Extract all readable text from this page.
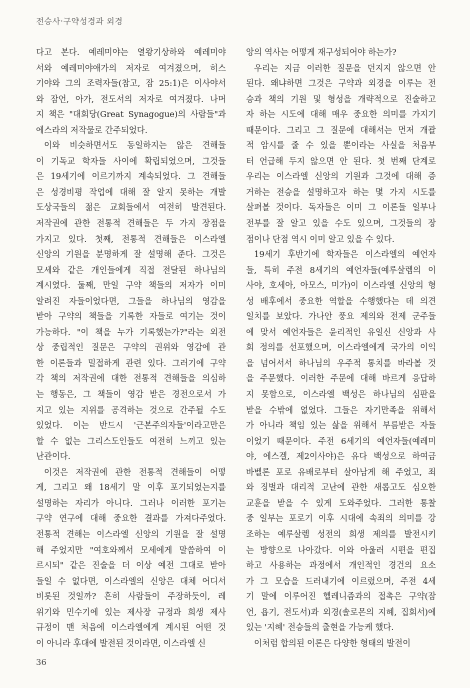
전승사·구약성경과 외경
다고 본다. 예레미야는 열왕기상하와 예레미야
서와 예레미야애가의 저자로 여겨졌으며, 히스
기야와 그의 조력자들(참고, 잠 25:1)은 이사야서
와 잠언, 아가, 전도서의 저자로 여겨졌다. 나머
지 책은 "대회당(Great Synagogue)의 사람들"과
에스라의 저작물로 간주되었다.
이와 비슷하면서도 동일하지는 않은 견해들
이 기독교 학자들 사이에 확립되었으며, 그것들
은 19세기에 이르기까지 계속되었다. 그 견해들
은 성경비평 작업에 대해 잘 알지 못하는 개발
도상국들의 젊은 교회들에서 여전히 발견된다.
저작권에 관한 전통적 견해들은 두 가지 장점을
가지고 있다. 첫째, 전통적 견해들은 이스라엘
신앙의 기원을 분명하게 잘 설명해 준다. 그것은
모세와 같은 개인들에게 직접 전달된 하나님의
계시였다. 둘째, 만일 구약 책들의 저자가 이미
알려진 자들이었다면, 그들을 하나님의 영감을
받아 구약의 책들을 기록한 자들로 여기는 것이
가능하다. "이 책을 누가 기록했는가?"라는 외전
상 중립적인 질문은 구약의 권위와 영감에 관
한 이론들과 밀접하게 관련 있다. 그러기에 구약
각 책의 저작권에 대한 전통적 견해들을 의심하
는 행동은, 그 책들이 영감 받은 경전으로서 가
지고 있는 지위를 공격하는 것으로 간주될 수도
있었다. 이는 반드시 '근본주의자들'이라고만은
할 수 없는 그리스도인들도 여전히 느끼고 있는
난관이다.
이것은 저작권에 관한 전통적 견해들이 어떻
게, 그리고 왜 18세기 말 이후 포기되었는지를
설명하는 자리가 아니다. 그러나 이러한 포기는
구약 연구에 대해 중요한 결과를 가져다주었다.
전통적 견해는 이스라엘 신앙의 기원을 잘 설명
해 주었지만 "여호와께서 모세에게 말씀하여 이
르시되" 같은 진술을 더 이상 예전 그대로 받아
들일 수 없다면, 이스라엘의 신앙은 대체 어디서
비롯된 것일까? 흔히 사람들이 주장하듯이, 레
위기와 민수기에 있는 제사장 규정과 희생 제사
규정이 맨 처음에 이스라엘에게 계시된 어떤 것
이 아니라 후대에 발전된 것이라면, 이스라엘 신
앙의 역사는 어떻게 재구성되어야 하는가?
우리는 지금 이러한 질문을 던지지 않으면 안
된다. 왜냐하면 그것은 구약과 외경을 이루는 전
승과 책의 기원 및 형성을 개략적으로 진술하고
자 하는 시도에 대해 매우 중요한 의미를 가지기
때문이다. 그리고 그 질문에 대해서는 먼저 개괄
적 암시를 줄 수 있을 뿐이라는 사실을 처음부
터 언급해 두지 않으면 안 된다. 첫 번째 단계로
우리는 이스라엘 신앙의 기원과 그것에 대해 증
거하는 전승을 설명하고자 하는 몇 가지 시도를
살펴볼 것이다. 독자들은 이미 그 이론들 일부나
전부를 잘 알고 있을 수도 있으며, 그것들의 장
점이나 단점 역시 이미 알고 있을 수 있다.
19세기 후반기에 학자들은 이스라엘의 예언자
들, 특히 주전 8세기의 예언자들(예루살렘의 이
사야, 호세아, 아모스, 미가)이 이스라엘 신앙의 형
성 배후에서 중요한 역할을 수행했다는 데 의견
일치를 보았다. 가나안 풍요 제의와 전제 군주들
에 맞서 예언자들은 윤리적인 유일신 신앙과 사
회 정의를 선포했으며, 이스라엘에게 국가의 이익
을 넘어서서 하나님의 우주적 통치를 바라볼 것
을 주문했다. 이러한 주문에 대해 바르게 응답하
지 못함으로, 이스라엘 백성은 하나님의 심판을
받을 수밖에 없었다. 그들은 자기만족을 위해서
가 아니라 책임 있는 삶을 위해서 부름받은 자들
이었기 때문이다. 주전 6세기의 예언자들(예레미
야, 에스겔, 제2이사야)은 유다 백성으로 하여금
바벨론 포로 유배로부터 살아남게 해 주었고, 죄
와 징벌과 대리적 고난에 관한 새롭고도 심오한
교훈을 받을 수 있게 도와주었다. 그러한 통찰
중 일부는 포로기 이후 시대에 속죄의 의미를 강
조하는 예루살렘 성전의 희생 제의를 발전시키
는 방향으로 나아갔다. 이와 아울러 시편을 편집
하고 사용하는 과정에서 개인적인 경건의 요소
가 그 모습을 드러내기에 이르렀으며, 주전 4세
기 말에 이루어진 헬레니즘과의 접촉은 구약(잠
언, 욥기, 전도서)과 외경(솔로몬의 지혜, 집회서)에
있는 '지혜' 전승들의 출현을 가능케 했다.
이처럼 합의된 이론은 다양한 형태의 발전이
36
